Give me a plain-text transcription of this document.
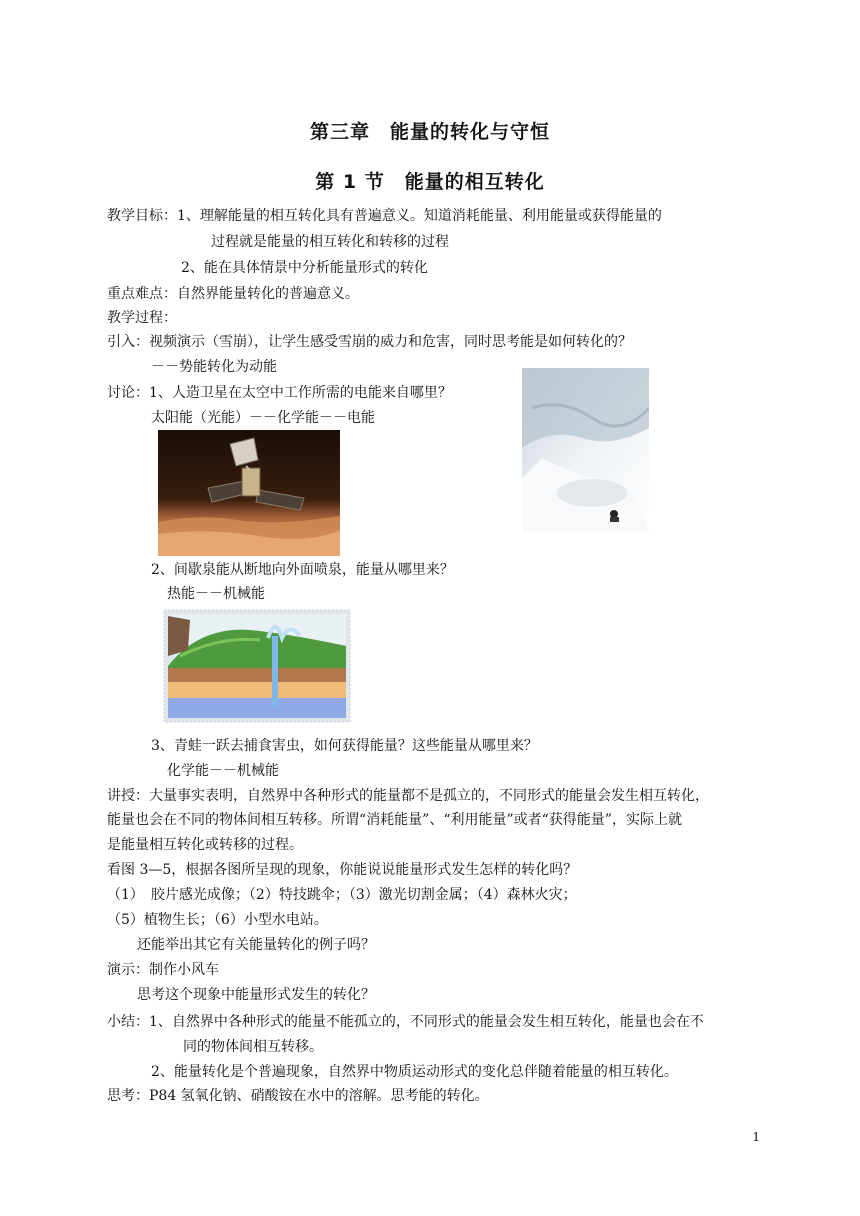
第三章　能量的转化与守恒
第 1 节　能量的相互转化
教学目标：1、理解能量的相互转化具有普遍意义。知道消耗能量、利用能量或获得能量的
过程就是能量的相互转化和转移的过程
2、能在具体情景中分析能量形式的转化
重点难点：自然界能量转化的普遍意义。
教学过程：
引入：视频演示（雪崩），让学生感受雪崩的威力和危害，同时思考能是如何转化的？
－－势能转化为动能
讨论：1、人造卫星在太空中工作所需的电能来自哪里？
太阳能（光能）－－化学能－－电能
2、间歇泉能从断地向外面喷泉，能量从哪里来？
热能－－机械能
3、青蛙一跃去捕食害虫，如何获得能量？这些能量从哪里来？
化学能－－机械能
讲授：大量事实表明，自然界中各种形式的能量都不是孤立的，不同形式的能量会发生相互转化，
能量也会在不同的物体间相互转移。所谓“消耗能量”、“利用能量”或者“获得能量”，实际上就
是能量相互转化或转移的过程。
看图 3—5，根据各图所呈现的现象，你能说说能量形式发生怎样的转化吗？
（1）　胶片感光成像；（2）特技跳伞；（3）激光切割金属；（4）森林火灾；
（5）植物生长；（6）小型水电站。
还能举出其它有关能量转化的例子吗？
演示：制作小风车
思考这个现象中能量形式发生的转化？
小结：1、自然界中各种形式的能量不能孤立的，不同形式的能量会发生相互转化，能量也会在不
同的物体间相互转移。
2、能量转化是个普遍现象，自然界中物质运动形式的变化总伴随着能量的相互转化。
思考：P84 氢氧化钠、硝酸铵在水中的溶解。思考能的转化。
1
